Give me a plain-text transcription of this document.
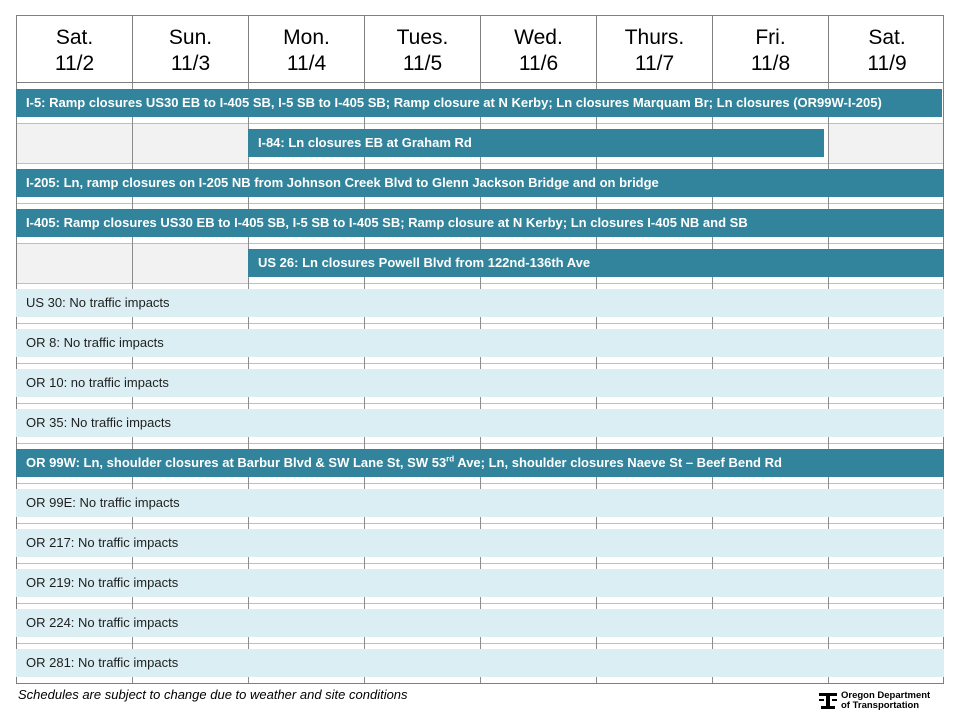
Sat.
11/2
Sun.
11/3
Mon.
11/4
Tues.
11/5
Wed.
11/6
Thurs.
11/7
Fri.
11/8
Sat.
11/9
I-5: Ramp closures US30 EB to I-405 SB, I-5 SB to I-405 SB; Ramp closure at N Kerby; Ln closures Marquam Br; Ln closures (OR99W-I-205)
I-84: Ln closures EB at Graham Rd
I-205: Ln, ramp closures on I-205 NB from Johnson Creek Blvd to Glenn Jackson Bridge and on bridge
I-405: Ramp closures US30 EB to I-405 SB, I-5 SB to I-405 SB; Ramp closure at N Kerby; Ln closures I-405 NB and SB
US 26: Ln closures Powell Blvd from 122nd-136th Ave
US 30: No traffic impacts
OR 8: No traffic impacts
OR 10: no traffic impacts
OR 35: No traffic impacts
OR 99W: Ln, shoulder closures at Barbur Blvd & SW Lane St, SW 53rd Ave; Ln, shoulder closures Naeve St – Beef Bend Rd
OR 99E: No traffic impacts
OR 217: No traffic impacts
OR 219: No traffic impacts
OR 224: No traffic impacts
OR 281: No traffic impacts
Schedules are subject to change due to weather and site conditions	Oregon Department
of Transportation
